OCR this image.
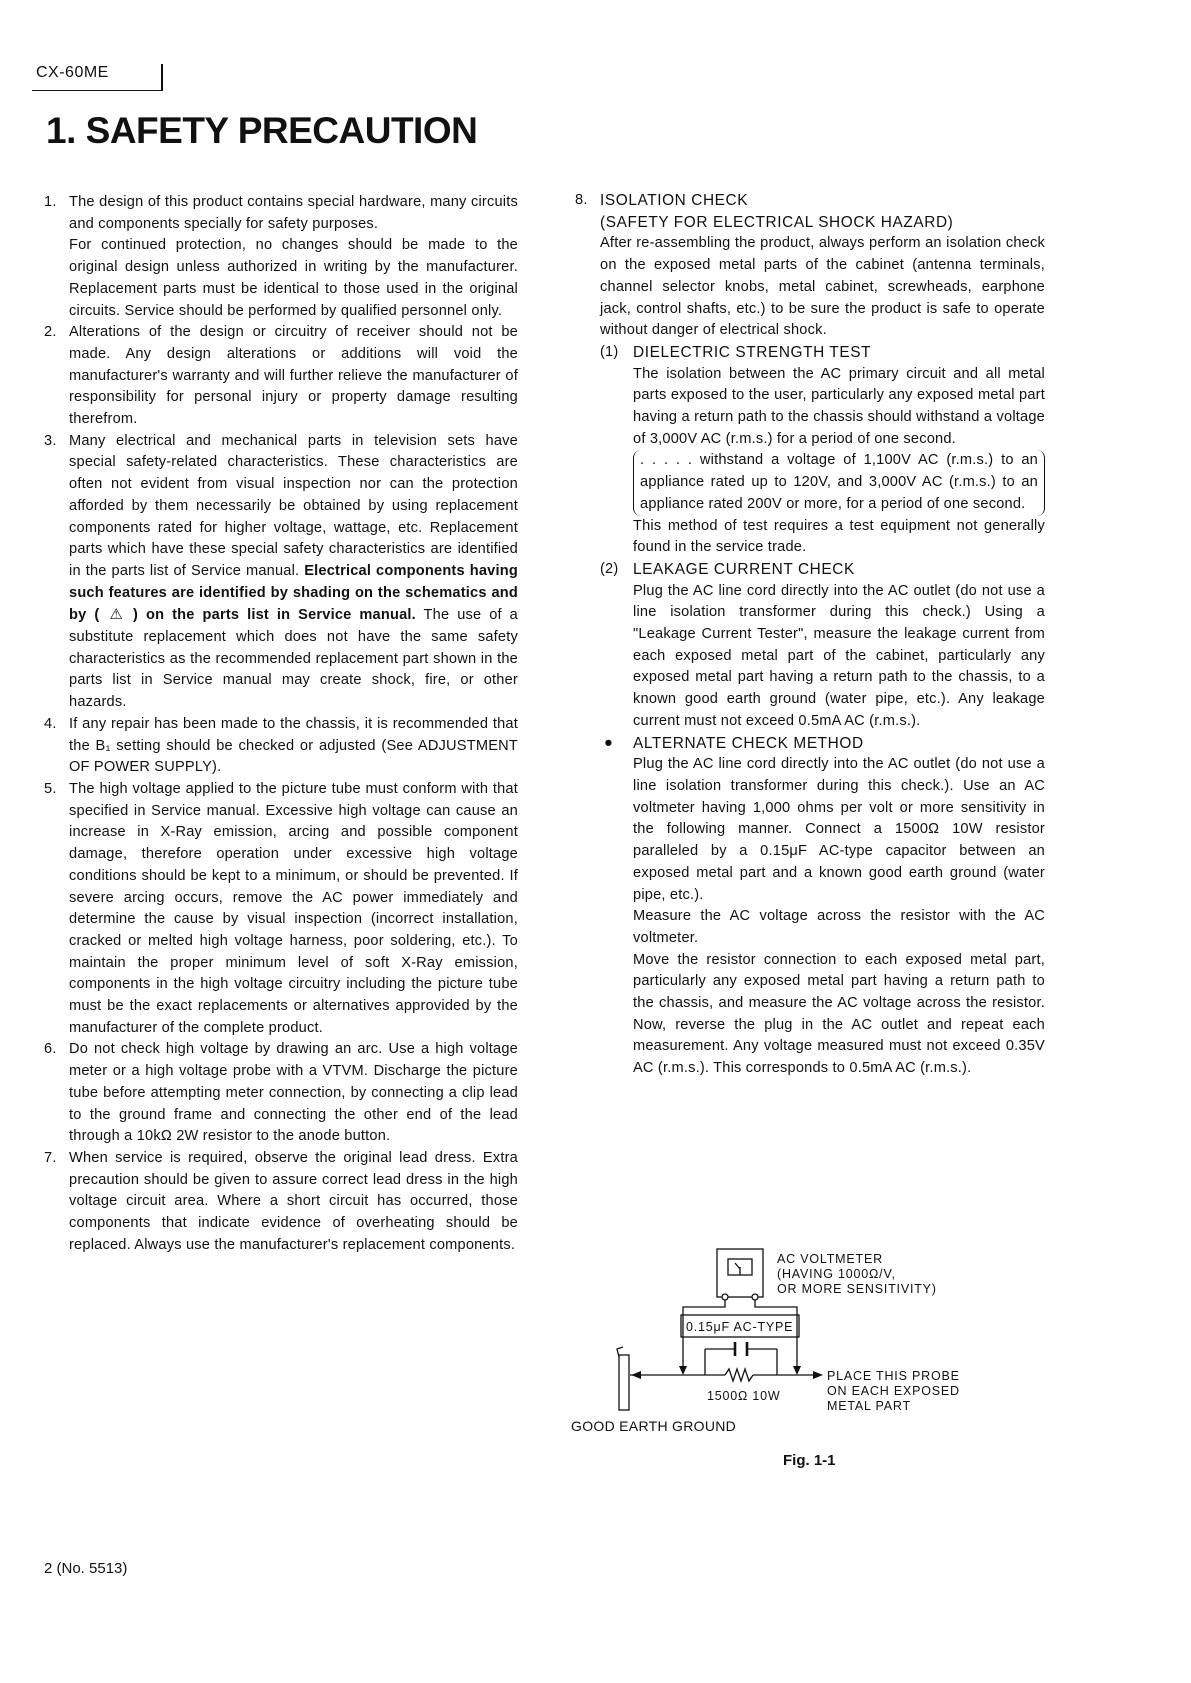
CX-60ME
1. SAFETY PRECAUTION
1. The design of this product contains special hardware, many circuits and components specially for safety purposes.

For continued protection, no changes should be made to the original design unless authorized in writing by the manufacturer. Replacement parts must be identical to those used in the original circuits. Service should be performed by qualified personnel only.

2. Alterations of the design or circuitry of receiver should not be made. Any design alterations or additions will void the manufacturer's warranty and will further relieve the manufacturer of responsibility for personal injury or property damage resulting therefrom.

3. Many electrical and mechanical parts in television sets have special safety-related characteristics. These characteristics are often not evident from visual inspection nor can the protection afforded by them necessarily be obtained by using replacement components rated for higher voltage, wattage, etc. Replacement parts which have these special safety characteristics are identified in the parts list of Service manual. Electrical components having such features are identified by shading on the schematics and by ( ⚠ ) on the parts list in Service manual. The use of a substitute replacement which does not have the same safety characteristics as the recommended replacement part shown in the parts list in Service manual may create shock, fire, or other hazards.

4. If any repair has been made to the chassis, it is recommended that the B₁ setting should be checked or adjusted (See ADJUSTMENT OF POWER SUPPLY).

5. The high voltage applied to the picture tube must conform with that specified in Service manual. Excessive high voltage can cause an increase in X-Ray emission, arcing and possible component damage, therefore operation under excessive high voltage conditions should be kept to a minimum, or should be prevented. If severe arcing occurs, remove the AC power immediately and determine the cause by visual inspection (incorrect installation, cracked or melted high voltage harness, poor soldering, etc.). To maintain the proper minimum level of soft X-Ray emission, components in the high voltage circuitry including the picture tube must be the exact replacements or alternatives approvided by the manufacturer of the complete product.

6. Do not check high voltage by drawing an arc. Use a high voltage meter or a high voltage probe with a VTVM. Discharge the picture tube before attempting meter connection, by connecting a clip lead to the ground frame and connecting the other end of the lead through a 10kΩ 2W resistor to the anode button.

7. When service is required, observe the original lead dress. Extra precaution should be given to assure correct lead dress in the high voltage circuit area. Where a short circuit has occurred, those components that indicate evidence of overheating should be replaced. Always use the manufacturer's replacement components.

8. ISOLATION CHECK

(SAFETY FOR ELECTRICAL SHOCK HAZARD)

After re-assembling the product, always perform an isolation check on the exposed metal parts of the cabinet (antenna terminals, channel selector knobs, metal cabinet, screwheads, earphone jack, control shafts, etc.) to be sure the product is safe to operate without danger of electrical shock.

(1) DIELECTRIC STRENGTH TEST

The isolation between the AC primary circuit and all metal parts exposed to the user, particularly any exposed metal part having a return path to the chassis should withstand a voltage of 3,000V AC (r.m.s.) for a period of one second.

. . . . . withstand a voltage of 1,100V AC (r.m.s.) to an appliance rated up to 120V, and 3,000V AC (r.m.s.) to an appliance rated 200V or more, for a period of one second.

This method of test requires a test equipment not generally found in the service trade.

(2) LEAKAGE CURRENT CHECK

Plug the AC line cord directly into the AC outlet (do not use a line isolation transformer during this check.) Using a "Leakage Current Tester", measure the leakage current from each exposed metal part of the cabinet, particularly any exposed metal part having a return path to the chassis, to a known good earth ground (water pipe, etc.). Any leakage current must not exceed 0.5mA AC (r.m.s.).

●	ALTERNATE CHECK METHOD

Plug the AC line cord directly into the AC outlet (do not use a line isolation transformer during this check.). Use an AC voltmeter having 1,000 ohms per volt or more sensitivity in the following manner. Connect a 1500Ω 10W resistor paralleled by a 0.15μF AC-type capacitor between an exposed metal part and a known good earth ground (water pipe, etc.).

Measure the AC voltage across the resistor with the AC voltmeter.

Move the resistor connection to each exposed metal part, particularly any exposed metal part having a return path to the chassis, and measure the AC voltage across the resistor. Now, reverse the plug in the AC outlet and repeat each measurement. Any voltage measured must not exceed 0.35V AC (r.m.s.). This corresponds to 0.5mA AC (r.m.s.).

AC VOLTMETER
(HAVING 1000Ω/V,
OR MORE SENSITIVITY)
0.15μF AC-TYPE
1500Ω 10W
PLACE THIS PROBE
ON EACH EXPOSED
METAL PART
GOOD EARTH GROUND
Fig. 1-1
2 (No. 5513)
